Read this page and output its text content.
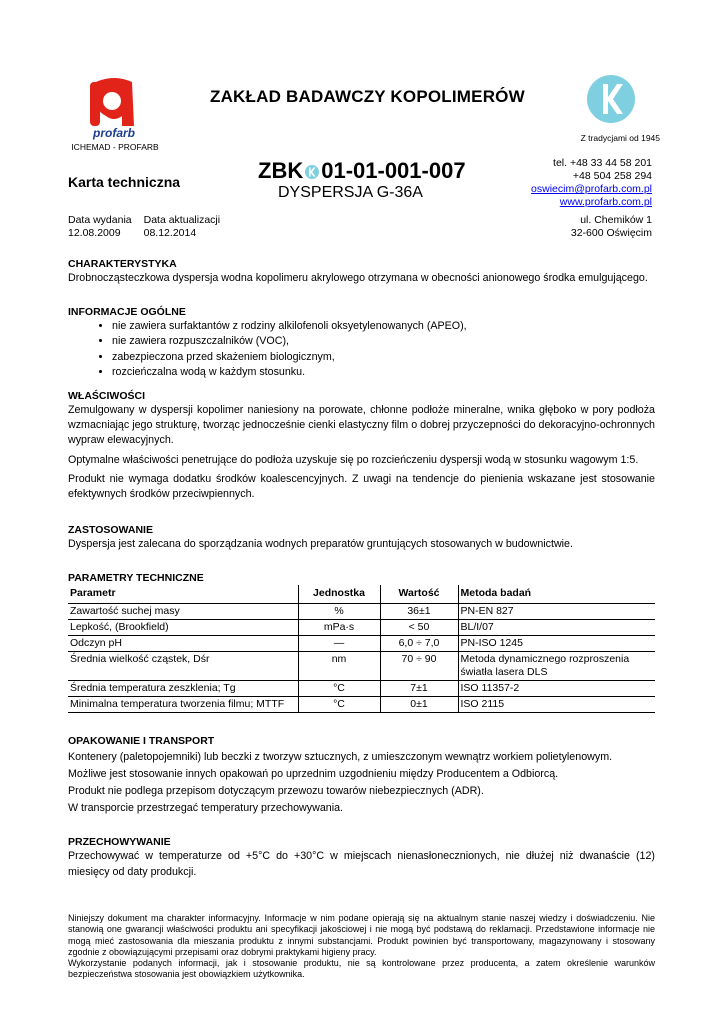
profarb
ICHEMAD - PROFARB
ZAKŁAD BADAWCZY KOPOLIMERÓW
Z tradycjami od 1945
Karta techniczna	ZBK 01-01-001-007
DYSPERSJA G-36A
tel. +48 33 44 58 201
+48 504 258 294
oswiecim@profarb.com.pl
www.profarb.com.pl
Data wydania	Data aktualizacji
12.08.2009	08.12.2014
ul. Chemików 1
32-600 Oświęcim
CHARAKTERYSTYKA

Drobnocząsteczkowa dyspersja wodna kopolimeru akrylowego otrzymana w obecności anionowego środka emulgującego.

INFORMACJE OGÓLNE
• nie zawiera surfaktantów z rodziny alkilofenoli oksyetylenowanych (APEO),
• nie zawiera rozpuszczalników (VOC),
• zabezpieczona przed skażeniem biologicznym,
• rozcieńczalna wodą w każdym stosunku.
WŁAŚCIWOŚCI

Zemulgowany w dyspersji kopolimer naniesiony na porowate, chłonne podłoże mineralne, wnika głęboko w pory podłoża wzmacniając jego strukturę, tworząc jednocześnie cienki elastyczny film o dobrej przyczepności do dekoracyjno-ochronnych wypraw elewacyjnych.

Optymalne właściwości penetrujące do podłoża uzyskuje się po rozcieńczeniu dyspersji wodą w stosunku wagowym 1:5.

Produkt nie wymaga dodatku środków koalescencyjnych. Z uwagi na tendencje do pienienia wskazane jest stosowanie efektywnych środków przeciwpiennych.

ZASTOSOWANIE

Dyspersja jest zalecana do sporządzania wodnych preparatów gruntujących stosowanych w budownictwie.

PARAMETRY TECHNICZNE
Parametr	Jednostka	Wartość	Metoda badań
Zawartość suchej masy	%	36±1	PN-EN 827
Lepkość, (Brookfield)	mPa·s	< 50	BL/I/07
Odczyn pH	—	6,0 ÷ 7,0	PN-ISO 1245
Średnia wielkość cząstek, Dśr	nm	70 ÷ 90	Metoda dynamicznego rozproszenia światła lasera DLS
Średnia temperatura zeszklenia; Tg	°C	7±1	ISO 11357-2
Minimalna temperatura tworzenia filmu; MTTF	°C	0±1	ISO 2115
OPAKOWANIE I TRANSPORT

Kontenery (paletopojemniki) lub beczki z tworzyw sztucznych, z umieszczonym wewnątrz workiem polietylenowym.

Możliwe jest stosowanie innych opakowań po uprzednim uzgodnieniu między Producentem a Odbiorcą.

Produkt nie podlega przepisom dotyczącym przewozu towarów niebezpiecznych (ADR).

W transporcie przestrzegać temperatury przechowywania.

PRZECHOWYWANIE

Przechowywać w temperaturze od +5°C do +30°C w miejscach nienasłonecznionych, nie dłużej niż dwanaście (12) miesięcy od daty produkcji.

Niniejszy dokument ma charakter informacyjny. Informacje w nim podane opierają się na aktualnym stanie naszej wiedzy i doświadczeniu. Nie stanowią one gwarancji właściwości produktu ani specyfikacji jakościowej i nie mogą być podstawą do reklamacji. Przedstawione informacje nie mogą mieć zastosowania dla mieszania produktu z innymi substancjami. Produkt powinien być transportowany, magazynowany i stosowany zgodnie z obowiązującymi przepisami oraz dobrymi praktykami higieny pracy.

Wykorzystanie podanych informacji, jak i stosowanie produktu, nie są kontrolowane przez producenta, a zatem określenie warunków bezpieczeństwa stosowania jest obowiązkiem użytkownika.
